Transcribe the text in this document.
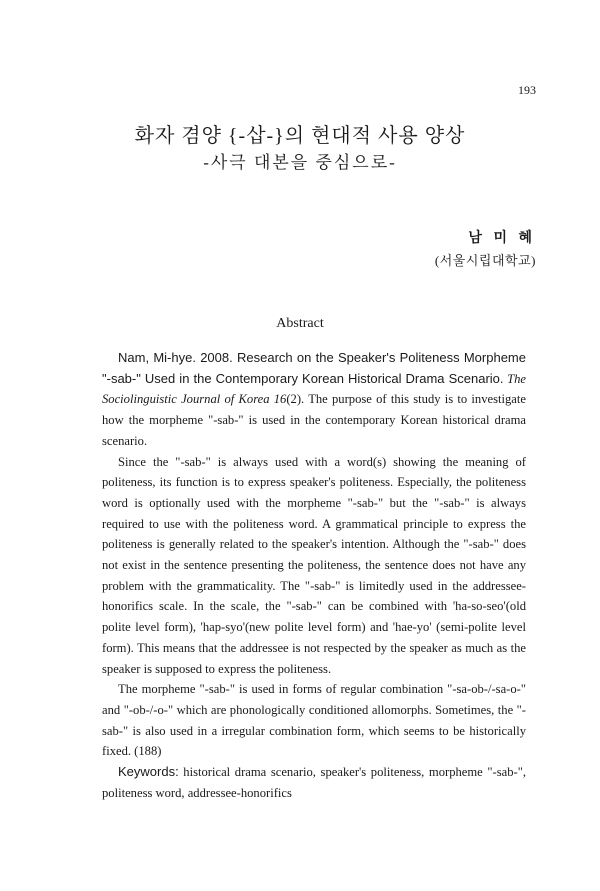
193
화자 겸양 {-삽-}의 현대적 사용 양상
-사극 대본을 중심으로-
남 미 혜
(서울시립대학교)
Abstract

Nam, Mi-hye. 2008. Research on the Speaker's Politeness Morpheme "-sab-" Used in the Contemporary Korean Historical Drama Scenario. The Sociolinguistic Journal of Korea 16(2). The purpose of this study is to investigate how the morpheme "-sab-" is used in the contemporary Korean historical drama scenario.

Since the "-sab-" is always used with a word(s) showing the meaning of politeness, its function is to express speaker's politeness. Especially, the politeness word is optionally used with the morpheme "-sab-" but the "-sab-" is always required to use with the politeness word. A grammatical principle to express the politeness is generally related to the speaker's intention. Although the "-sab-" does not exist in the sentence presenting the politeness, the sentence does not have any problem with the grammaticality. The "-sab-" is limitedly used in the addressee-honorifics scale. In the scale, the "-sab-" can be combined with 'ha-so-seo'(old polite level form), 'hap-syo'(new polite level form) and 'hae-yo' (semi-polite level form). This means that the addressee is not respected by the speaker as much as the speaker is supposed to express the politeness.

The morpheme "-sab-" is used in forms of regular combination "-sa-ob-/-sa-o-" and "-ob-/-o-" which are phonologically conditioned allomorphs. Sometimes, the "-sab-" is also used in a irregular combination form, which seems to be historically fixed. (188)

Keywords: historical drama scenario, speaker's politeness, morpheme "-sab-", politeness word, addressee-honorifics
